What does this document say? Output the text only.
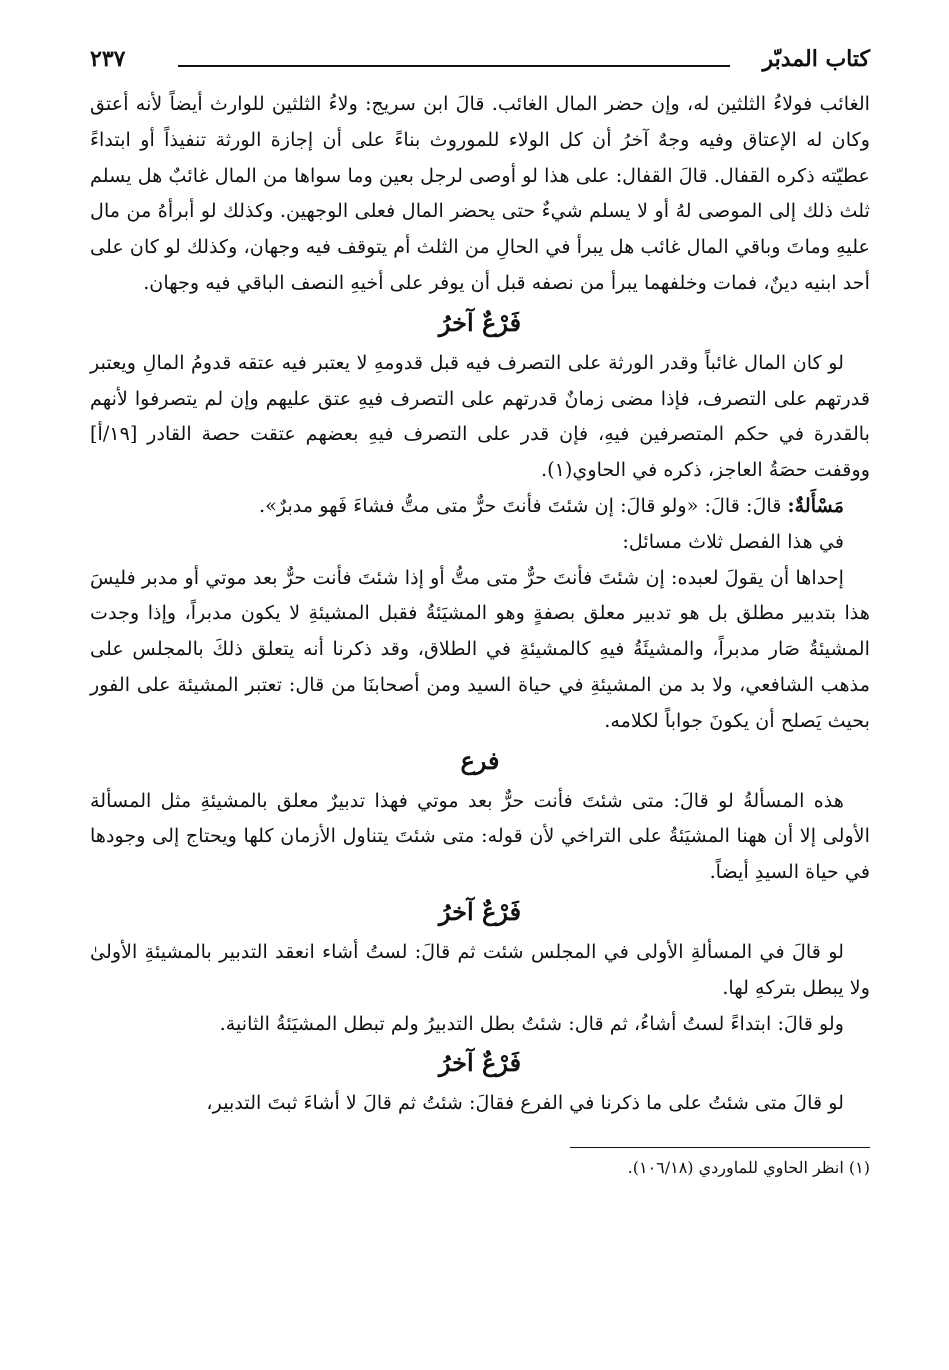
كتاب المدبّر
٢٣٧

الغائب فولاءُ الثلثين له، وإن حضر المال الغائب. قالَ ابن سريج: ولاءُ الثلثين للوارث أيضاً لأنه أعتق وكان له الإعتاق وفيه وجهٌ آخرُ أن كل الولاء للموروث بناءً على أن إجازة الورثة تنفيذاً أو ابتداءً عطيّته ذكره القفال. قالَ القفال: على هذا لو أوصى لرجل بعين وما سواها من المال غائبٌ هل يسلم ثلث ذلك إلى الموصى لهُ أو لا يسلم شيءٌ حتى يحضر المال فعلى الوجهين. وكذلك لو أبرأهُ من مال عليهِ وماتَ وباقي المال غائب هل يبرأ في الحالِ من الثلث أم يتوقف فيه وجهان، وكذلك لو كان على أحد ابنيه دينٌ، فمات وخلفهما يبرأ من نصفه قبل أن يوفر على أخيهِ النصف الباقي فيه وجهان.

فَرْعٌ آخرُ

لو كان المال غائباً وقدر الورثة على التصرف فيه قبل قدومهِ لا يعتبر فيه عتقه قدومُ المالِ ويعتبر قدرتهم على التصرف، فإذا مضى زمانٌ قدرتهم على التصرف فيهِ عتق عليهم وإن لم يتصرفوا لأنهم بالقدرة في حكم المتصرفين فيهِ، فإن قدر على التصرف فيهِ بعضهم عتقت حصة القادر [١٩/أ] ووقفت حصَةُ العاجز، ذكره في الحاوي(١).

مَسْأَلةٌ: قالَ: قالَ: «ولو قالَ: إن شئتَ فأنتَ حرٌّ متى متُّ فشاءَ فَهو مدبرٌ».

في هذا الفصل ثلاث مسائل:

إحداها أن يقولَ لعبده: إن شئتَ فأنتَ حرٌّ متى متُّ أو إذا شئتَ فأنت حرٌّ بعد موتي أو مدبر فليسَ هذا بتدبير مطلق بل هو تدبير معلق بصفةٍ وهو المشيَئةُ فقبل المشيئةِ لا يكون مدبراً، وإذا وجدت المشيئةُ صَار مدبراً، والمشيئَةُ فيهِ كالمشيئةِ في الطلاق، وقد ذكرنا أنه يتعلق ذلكَ بالمجلس على مذهب الشافعي، ولا بد من المشيئةِ في حياة السيد ومن أصحابنَا من قال: تعتبر المشيئة على الفور بحيث يَصلح أن يكونَ جواباً لكلامه.

فرع

هذه المسألةُ لو قالَ: متى شئتَ فأنت حرٌّ بعد موتي فهذا تدبيرٌ معلق بالمشيئةِ مثل المسألة الأولى إلا أن ههنا المشيَئةُ على التراخي لأن قوله: متى شئتَ يتناول الأزمان كلها ويحتاج إلى وجودها في حياة السيدِ أيضاً.

فَرْعٌ آخرُ

لو قالَ في المسألةِ الأولى في المجلس شئت ثم قالَ: لستُ أشاء انعقد التدبير بالمشيئةِ الأولىٰ ولا يبطل بتركهِ لها.

ولو قالَ: ابتداءً لستُ أشاءُ، ثم قال: شئتُ بطل التدبيرُ ولم تبطل المشيَئةُ الثانية.

فَرْعٌ آخرُ

لو قالَ متى شئتُ على ما ذكرنا في الفرع فقالَ: شئتُ ثم قالَ لا أشاءَ ثبتَ التدبير،

(١) انظر الحاوي للماوردي (١٠٦/١٨).
